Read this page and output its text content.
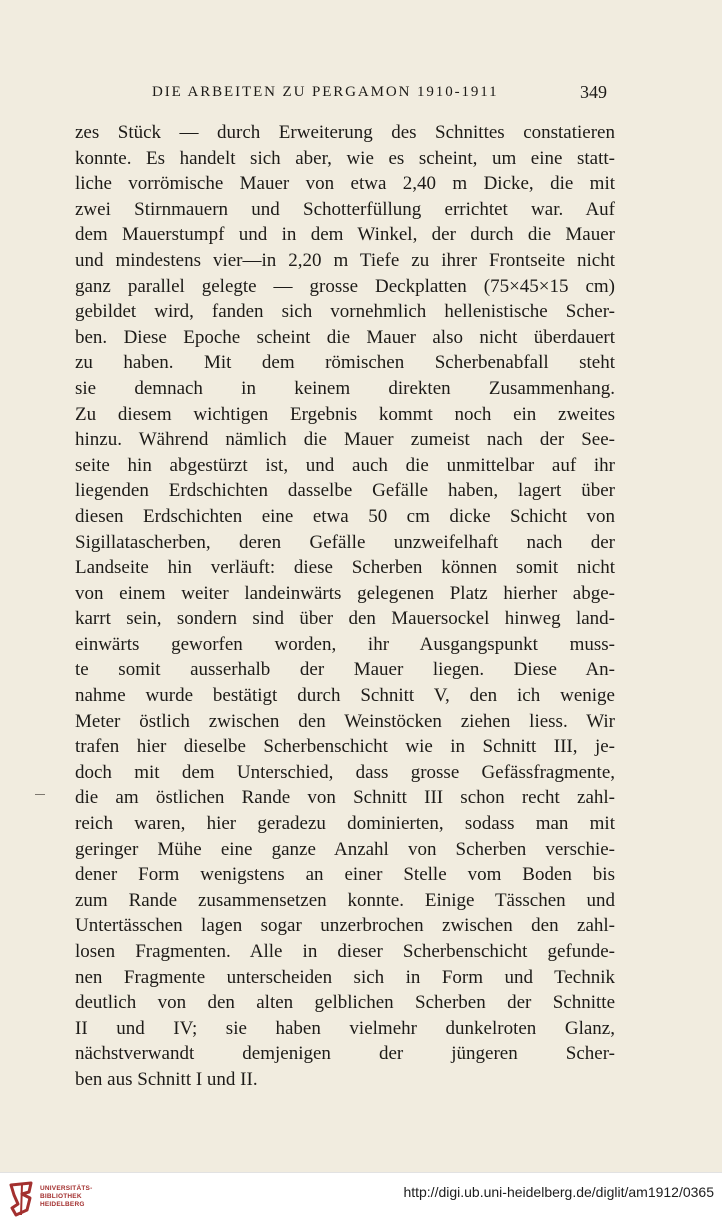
DIE ARBEITEN ZU PERGAMON 1910-1911	349
zes Stück — durch Erweiterung des Schnittes constatieren
konnte. Es handelt sich aber, wie es scheint, um eine statt-
liche vorrömische Mauer von etwa 2,40 m Dicke, die mit
zwei Stirnmauern und Schotterfüllung errichtet war. Auf
dem Mauerstumpf und in dem Winkel, der durch die Mauer
und mindestens vier—in 2,20 m Tiefe zu ihrer Frontseite nicht
ganz parallel gelegte — grosse Deckplatten (75×45×15 cm)
gebildet wird, fanden sich vornehmlich hellenistische Scher-
ben. Diese Epoche scheint die Mauer also nicht überdauert
zu haben. Mit dem römischen Scherbenabfall steht
sie demnach in keinem direkten Zusammenhang.
Zu diesem wichtigen Ergebnis kommt noch ein zweites
hinzu. Während nämlich die Mauer zumeist nach der See-
seite hin abgestürzt ist, und auch die unmittelbar auf ihr
liegenden Erdschichten dasselbe Gefälle haben, lagert über
diesen Erdschichten eine etwa 50 cm dicke Schicht von
Sigillatascherben, deren Gefälle unzweifelhaft nach der
Landseite hin verläuft: diese Scherben können somit nicht
von einem weiter landeinwärts gelegenen Platz hierher abge-
karrt sein, sondern sind über den Mauersockel hinweg land-
einwärts geworfen worden, ihr Ausgangspunkt muss-
te somit ausserhalb der Mauer liegen. Diese An-
nahme wurde bestätigt durch Schnitt V, den ich wenige
Meter östlich zwischen den Weinstöcken ziehen liess. Wir
trafen hier dieselbe Scherbenschicht wie in Schnitt III, je-
doch mit dem Unterschied, dass grosse Gefässfragmente,
die am östlichen Rande von Schnitt III schon recht zahl-
reich waren, hier geradezu dominierten, sodass man mit
geringer Mühe eine ganze Anzahl von Scherben verschie-
dener Form wenigstens an einer Stelle vom Boden bis
zum Rande zusammensetzen konnte. Einige Tässchen und
Untertässchen lagen sogar unzerbrochen zwischen den zahl-
losen Fragmenten. Alle in dieser Scherbenschicht gefunde-
nen Fragmente unterscheiden sich in Form und Technik
deutlich von den alten gelblichen Scherben der Schnitte
II und IV; sie haben vielmehr dunkelroten Glanz,
nächstverwandt demjenigen der jüngeren Scher-
ben aus Schnitt I und II.
UNIVERSITÄTS-
BIBLIOTHEK
HEIDELBERG
http://digi.ub.uni-heidelberg.de/diglit/am1912/0365
